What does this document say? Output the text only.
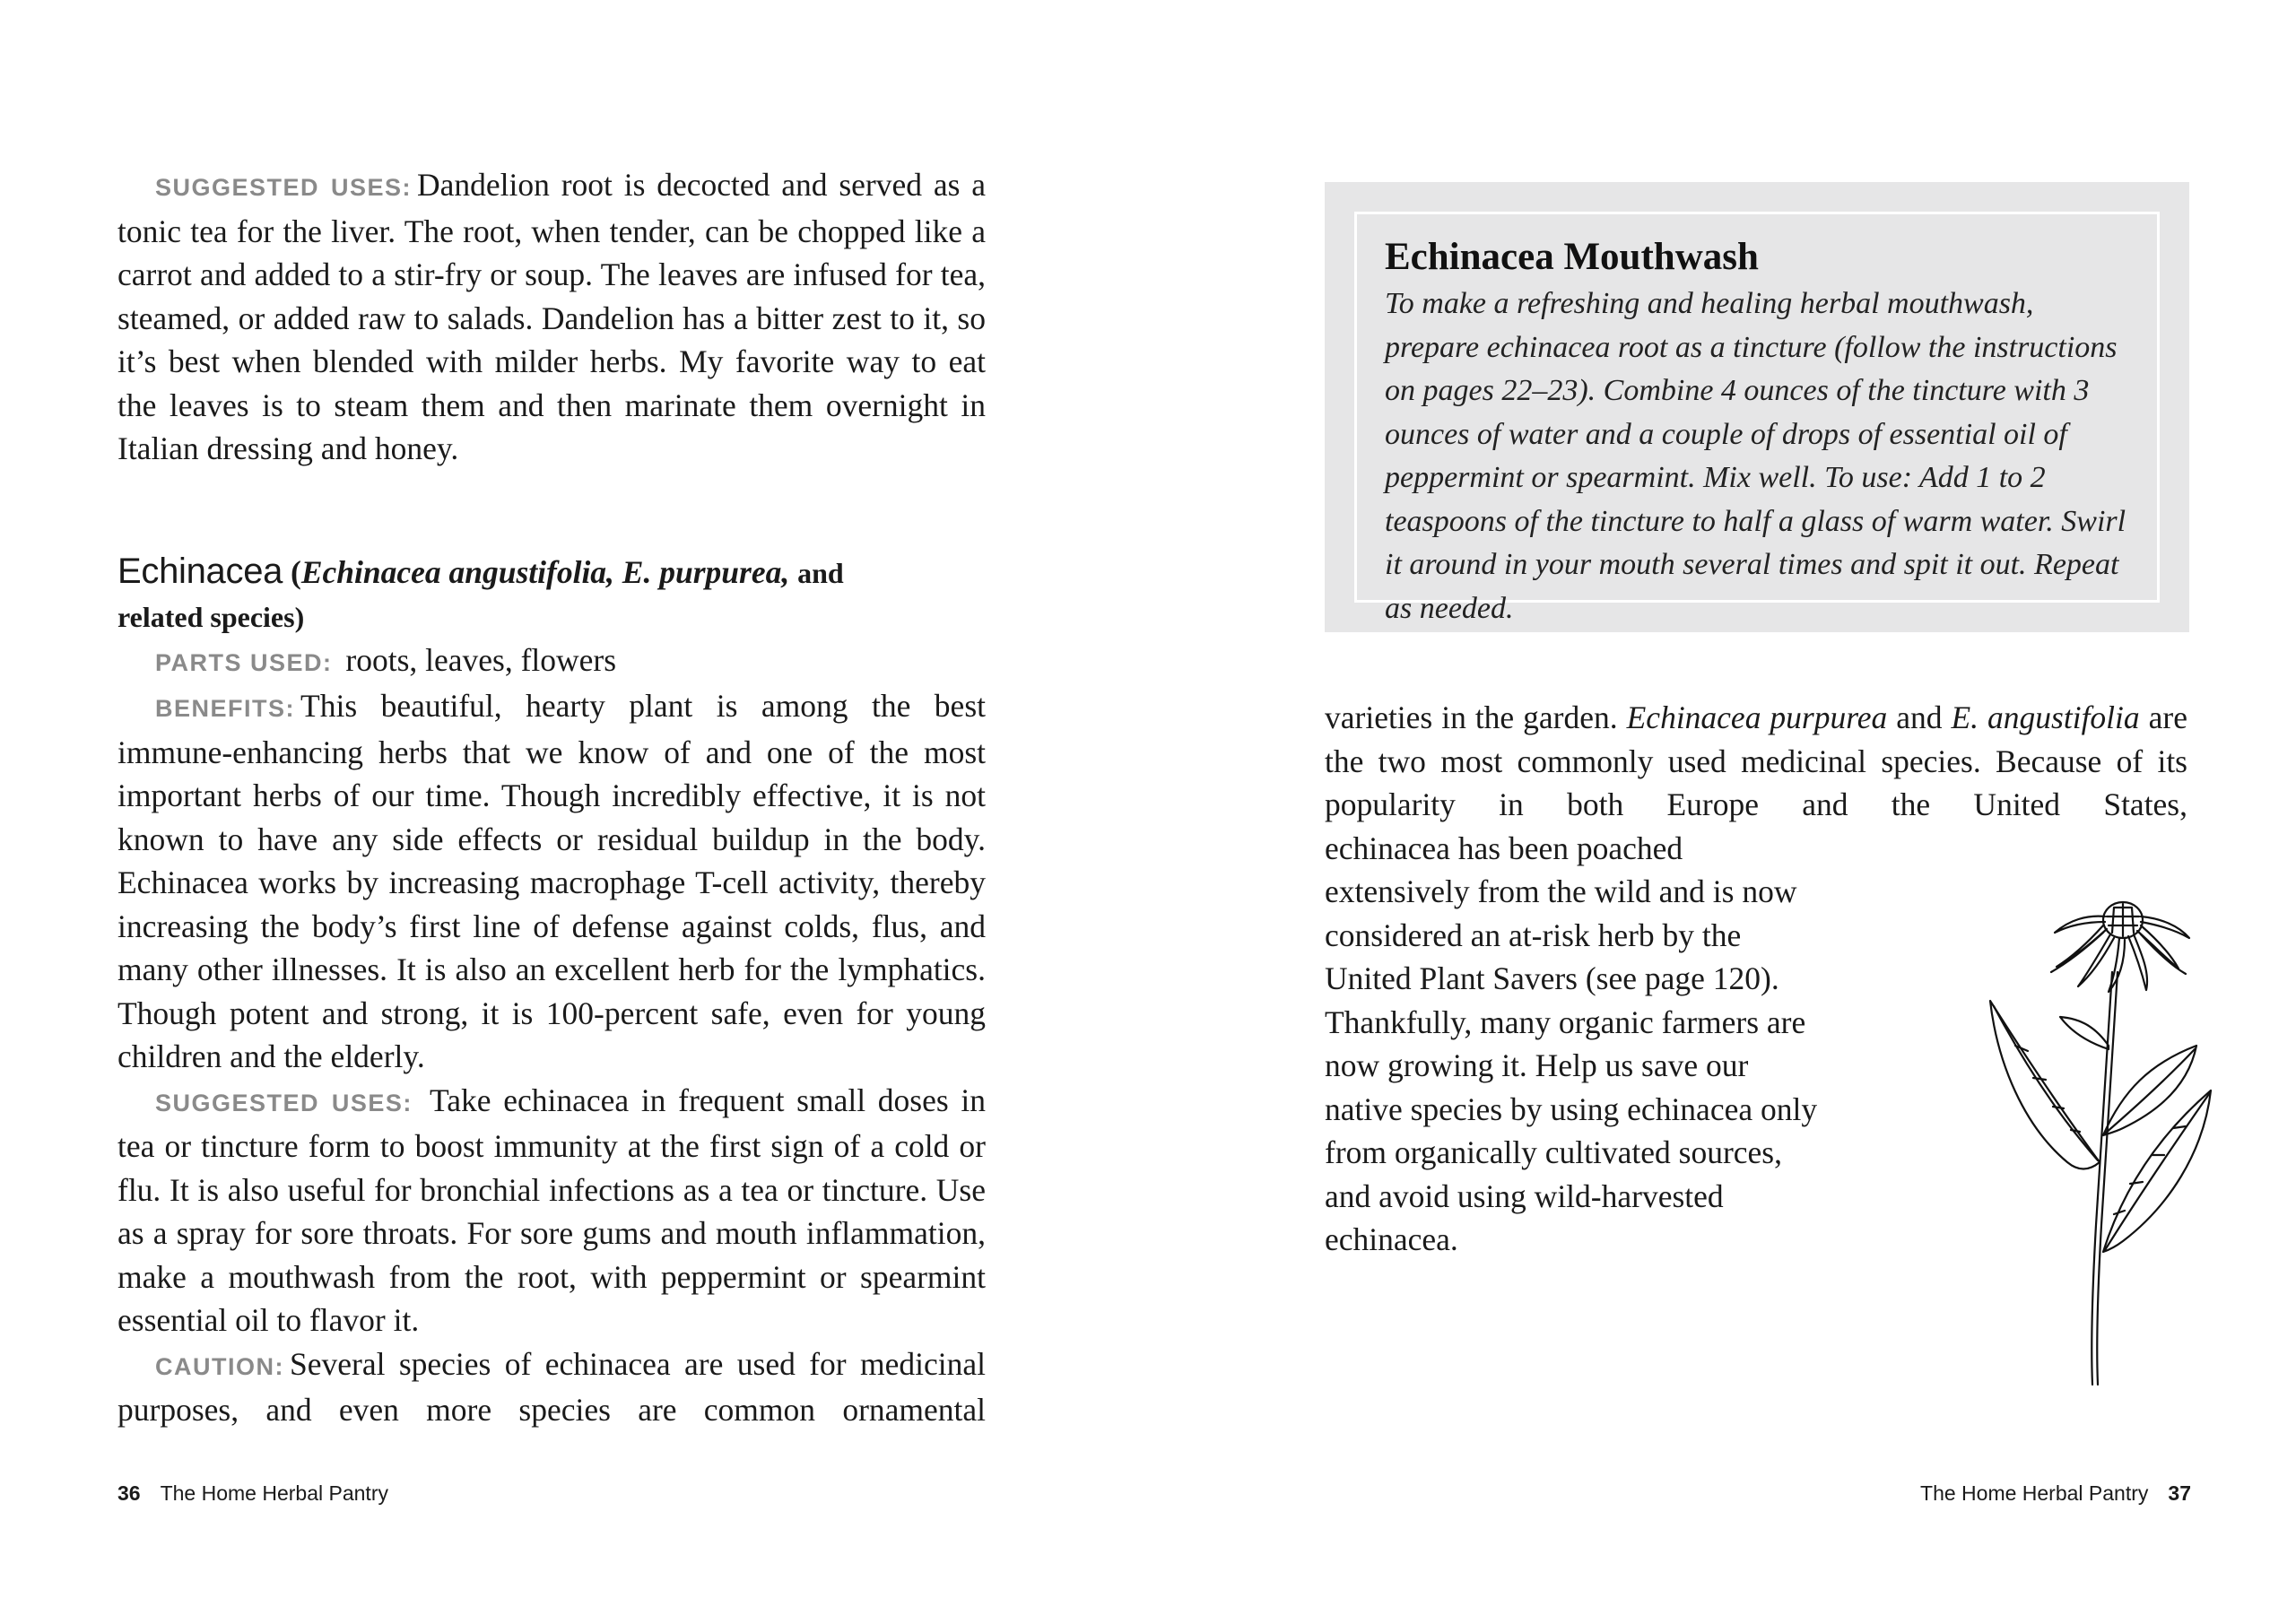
SUGGESTED USES: Dandelion root is decocted and served as a tonic tea for the liver. The root, when tender, can be chopped like a carrot and added to a stir-fry or soup. The leaves are infused for tea, steamed, or added raw to salads. Dandelion has a bitter zest to it, so it’s best when blended with milder herbs. My favorite way to eat the leaves is to steam them and then marinate them overnight in Italian dressing and honey.

Echinacea (Echinacea angustifolia, E. purpurea, and
related species)

PARTS USED: roots, leaves, flowers

BENEFITS: This beautiful, hearty plant is among the best immune-enhancing herbs that we know of and one of the most important herbs of our time. Though incredibly effective, it is not known to have any side effects or residual buildup in the body. Echinacea works by increasing macrophage T-cell activity, thereby increasing the body’s first line of defense against colds, flus, and many other illnesses. It is also an excellent herb for the lymphatics. Though potent and strong, it is 100-percent safe, even for young children and the elderly.

SUGGESTED USES: Take echinacea in frequent small doses in tea or tincture form to boost immunity at the first sign of a cold or flu. It is also useful for bronchial infections as a tea or tincture. Use as a spray for sore throats. For sore gums and mouth inflammation, make a mouthwash from the root, with peppermint or spearmint essential oil to flavor it.

CAUTION: Several species of echinacea are used for medicinal purposes, and even more species are common ornamental

36 The Home Herbal Pantry
Echinacea Mouthwash

To make a refreshing and healing herbal mouthwash, prepare echinacea root as a tincture (follow the instructions on pages 22–23). Combine 4 ounces of the tincture with 3 ounces of water and a couple of drops of essential oil of peppermint or spearmint. Mix well. To use: Add 1 to 2 teaspoons of the tincture to half a glass of warm water. Swirl it around in your mouth several times and spit it out. Repeat as needed.

varieties in the garden. Echinacea purpurea and E. angustifolia are the two most commonly used medicinal species. Because of its popularity in both Europe and the United States,

echinacea has been poached extensively from the wild and is now considered an at-risk herb by the United Plant Savers (see page 120). Thankfully, many organic farmers are now growing it. Help us save our native species by using echinacea only from organically cultivated sources, and avoid using wild-harvested echinacea.

The Home Herbal Pantry 37
